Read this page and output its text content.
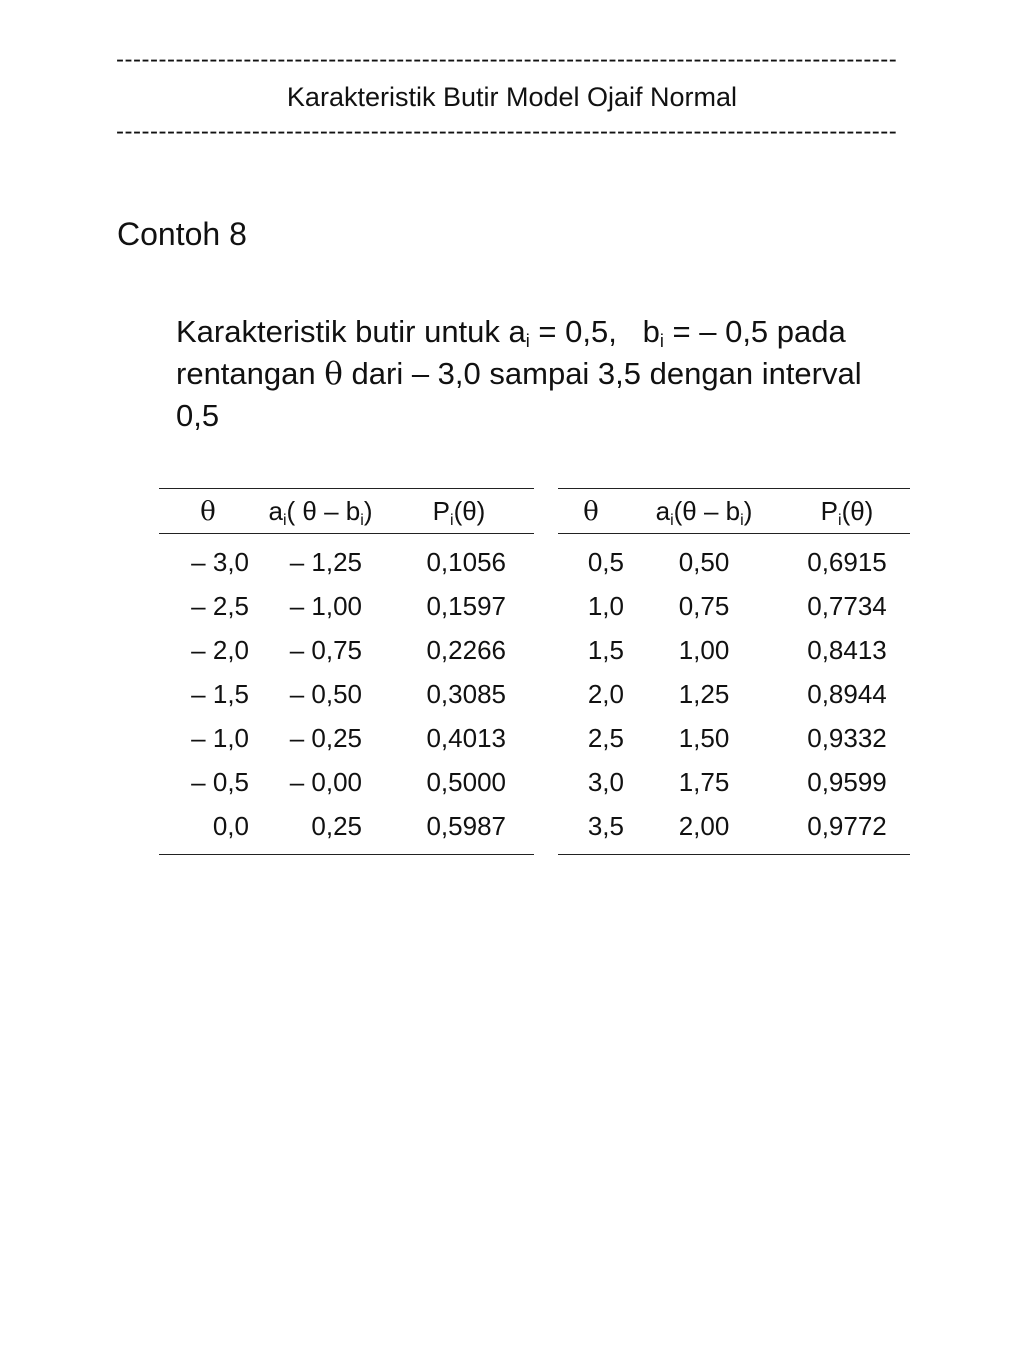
--------------------------------------------------------------------------------------------
Karakteristik Butir Model Ojaif Normal
--------------------------------------------------------------------------------------------
Contoh 8
Karakteristik butir untuk $a_i = 0,5$,   $b_i$ = – 0,5 pada rentangan θ dari – 3,0 sampai 3,5 dengan interval
0,5
θ	$a_i$( θ – $b_i$)	$P_i(\theta)$
– 3,0	– 1,25	0,1056
– 2,5	– 1,00	0,1597
– 2,0	– 0,75	0,2266
– 1,5	– 0,50	0,3085
– 1,0	– 0,25	0,4013
– 0,5	– 0,00	0,5000
0,0	0,25	0,5987
θ	$a_i(\theta - b_i)$	$P_i(\theta)$
0,5	0,50	0,6915
1,0	0,75	0,7734
1,5	1,00	0,8413
2,0	1,25	0,8944
2,5	1,50	0,9332
3,0	1,75	0,9599
3,5	2,00	0,9772
